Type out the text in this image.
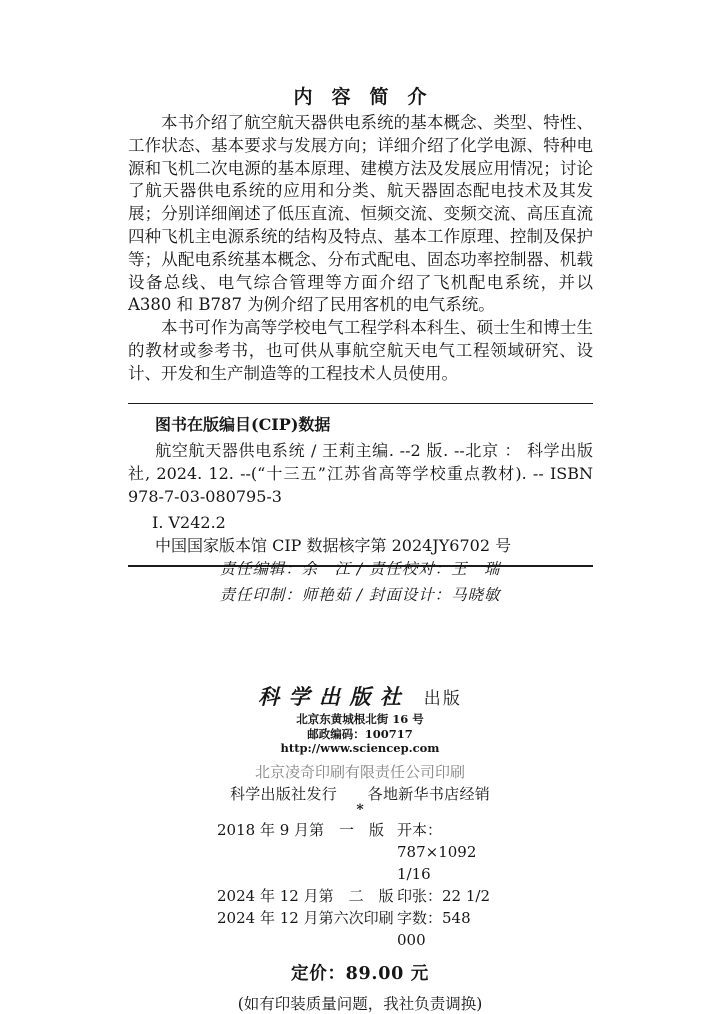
内　容　简　介

本书介绍了航空航天器供电系统的基本概念、类型、特性、工作状态、基本要求与发展方向；详细介绍了化学电源、特种电源和飞机二次电源的基本原理、建模方法及发展应用情况；讨论了航天器供电系统的应用和分类、航天器固态配电技术及其发展；分别详细阐述了低压直流、恒频交流、变频交流、高压直流四种飞机主电源系统的结构及特点、基本工作原理、控制及保护等；从配电系统基本概念、分布式配电、固态功率控制器、机载设备总线、电气综合管理等方面介绍了飞机配电系统，并以 A380 和 B787 为例介绍了民用客机的电气系统。

本书可作为高等学校电气工程学科本科生、硕士生和博士生的教材或参考书，也可供从事航空航天电气工程领域研究、设计、开发和生产制造等的工程技术人员使用。

图书在版编目(CIP)数据

航空航天器供电系统 / 王莉主编. --2 版. --北京 ： 科学出版社, 2024. 12. --(“十三五”江苏省高等学校重点教材). -- ISBN 978-7-03-080795-3

Ⅰ. V242.2
中国国家版本馆 CIP 数据核字第 2024JY6702 号
责任编辑：余　江 / 责任校对：王　瑞
责任印制：师艳茹 / 封面设计：马晓敏
科学出版社 出版
北京东黄城根北街 16 号
邮政编码：100717
http://www.sciencep.com
北京凌奇印刷有限责任公司印刷
科学出版社发行　　各地新华书店经销
*
2018 年 9 月第　一　版 开本：787×1092　1/16
2024 年 12 月第　二　版 印张：22 1/2
2024 年 12 月第六次印刷 字数：548 000
定价：89.00 元
(如有印装质量问题，我社负责调换)
